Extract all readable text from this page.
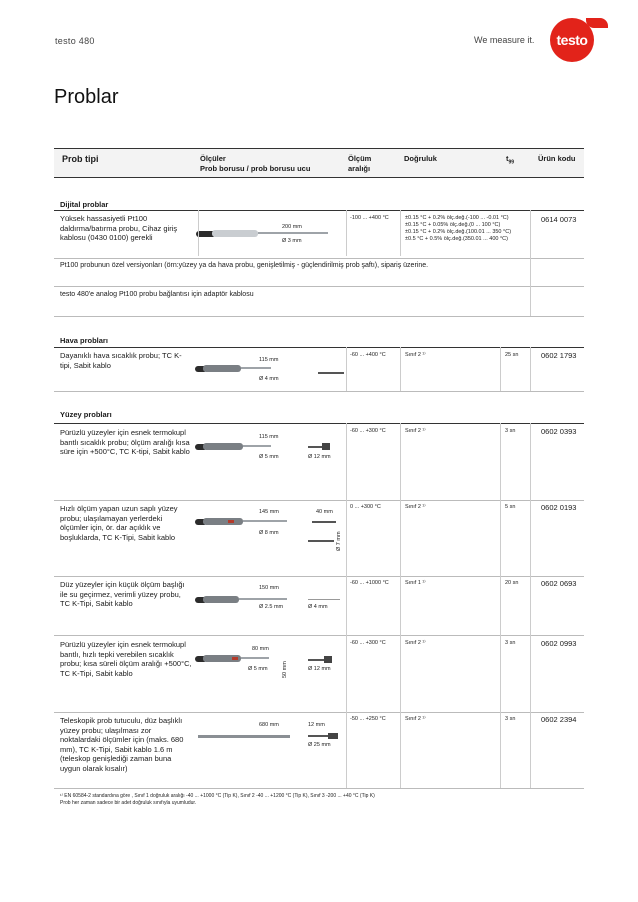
testo 480	We measure it. testo
Problar
Prob tipi	Ölçüler
Prob borusu / prob borusu ucu
Ölçüm
aralığı
Doğruluk	$t_{99}$	Ürün kodu
Dijital problar
Yüksek hassasiyetli Pt100 daldırma/batırma probu, Cihaz giriş kablosu (0430 0100) gerekli
200 mm
Ø 3 mm
-100 ... +400 °C	±0.15 °C + 0.2% ölç.değ.(-100 ... -0.01 °C)
±0.15 °C + 0.05% ölç.değ.(0 ... 100 °C)
±0.15 °C + 0.2% ölç.değ.(100.01 ... 350 °C)
±0.5 °C + 0.5% ölç.değ.(350.01 ... 400 °C)
0614 0073
Pt100 probunun özel versiyonları (örn:yüzey ya da hava probu, genişletilmiş - güçlendirilmiş prob şaftı), sipariş üzerine.
testo 480'e analog Pt100 probu bağlantısı için adaptör kablosu
Hava probları
Dayanıklı hava sıcaklık probu; TC K-tipi, Sabit kablo
115 mm
Ø 4 mm
-60 ... +400 °C	Sınıf 2 ¹⁾	25 sn	0602 1793
Yüzey probları
Pürüzlü yüzeyler için esnek termokupl bantlı sıcaklık probu; ölçüm aralığı kısa süre için +500°C, TC K-tipi, Sabit kablo
115 mm
Ø 5 mm	Ø 12 mm
-60 ... +300 °C	Sınıf 2 ¹⁾	3 sn	0602 0393
Hızlı ölçüm yapan uzun saplı yüzey probu; ulaşılamayan yerlerdeki ölçümler için, ör. dar açıklık ve boşluklarda, TC K-Tipi, Sabit kablo
145 mm	40 mm
Ø 8 mm	Ø 7 mm
0 ... +300 °C	Sınıf 2 ¹⁾	5 sn	0602 0193
Düz yüzeyler için küçük ölçüm başlığı ile su geçirmez, verimli yüzey probu, TC K-Tipi, Sabit kablo
150 mm
Ø 2.5 mm	Ø 4 mm
-60 ... +1000 °C	Sınıf 1 ¹⁾	20 sn	0602 0693
Pürüzlü yüzeyler için esnek termokupl bantlı, hızlı tepki verebilen sıcaklık probu; kısa süreli ölçüm aralığı +500°C, TC K-Tipi, Sabit kablo
80 mm
Ø 5 mm	50 mm	Ø 12 mm
-60 ... +300 °C	Sınıf 2 ¹⁾	3 sn	0602 0993
Teleskopik prob tutuculu, düz başlıklı yüzey probu; ulaşılması zor noktalardaki ölçümler için (maks. 680 mm), TC K-Tipi, Sabit kablo 1.6 m (teleskop genişlediği zaman buna uygun olarak kısalır)
680 mm	12 mm
Ø 25 mm
-50 ... +250 °C	Sınıf 2 ¹⁾	3 sn	0602 2394
¹⁾ EN 60584-2 standardına göre , Sınıf 1 doğruluk aralığı -40 ... +1000 °C (Tip K), Sınıf 2 -40 ... +1200 °C (Tip K), Sınıf 3 -200 ... +40 °C (Tip K)
Prob her zaman sadece bir adet doğruluk sınıfıyla uyumludur.
